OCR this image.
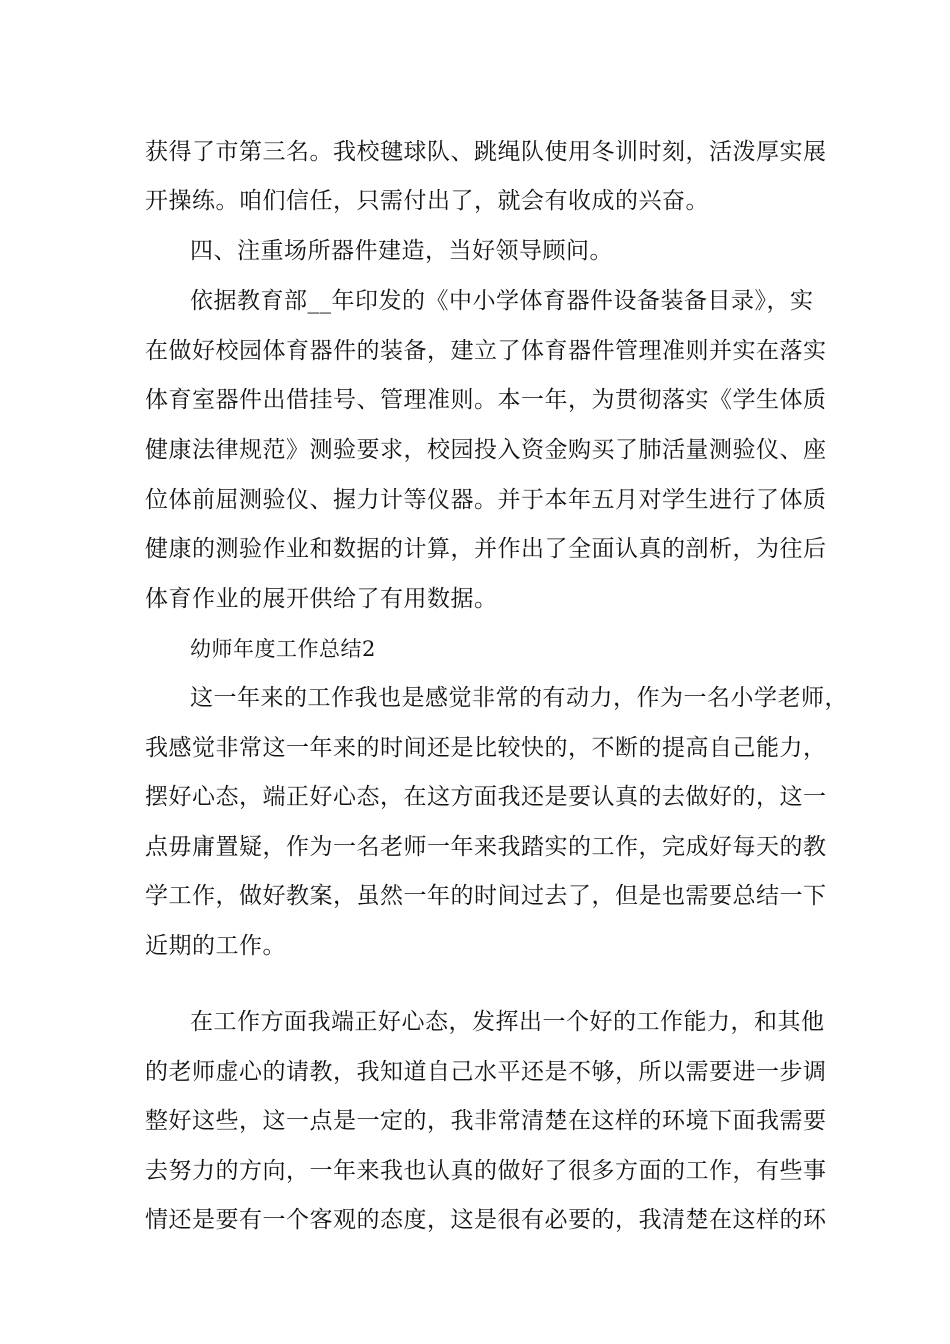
获得了市第三名。我校毽球队、跳绳队使用冬训时刻，活泼厚实展
开操练。咱们信任，只需付出了，就会有收成的兴奋。
四、注重场所器件建造，当好领导顾问。
依据教育部__年印发的《中小学体育器件设备装备目录》，实
在做好校园体育器件的装备，建立了体育器件管理准则并实在落实
体育室器件出借挂号、管理准则。本一年，为贯彻落实《学生体质
健康法律规范》测验要求，校园投入资金购买了肺活量测验仪、座
位体前屈测验仪、握力计等仪器。并于本年五月对学生进行了体质
健康的测验作业和数据的计算，并作出了全面认真的剖析，为往后
体育作业的展开供给了有用数据。
幼师年度工作总结2
这一年来的工作我也是感觉非常的有动力，作为一名小学老师，
我感觉非常这一年来的时间还是比较快的，不断的提高自己能力，
摆好心态，端正好心态，在这方面我还是要认真的去做好的，这一
点毋庸置疑，作为一名老师一年来我踏实的工作，完成好每天的教
学工作，做好教案，虽然一年的时间过去了，但是也需要总结一下
近期的工作。
在工作方面我端正好心态，发挥出一个好的工作能力，和其他
的老师虚心的请教，我知道自己水平还是不够，所以需要进一步调
整好这些，这一点是一定的，我非常清楚在这样的环境下面我需要
去努力的方向，一年来我也认真的做好了很多方面的工作，有些事
情还是要有一个客观的态度，这是很有必要的，我清楚在这样的环
